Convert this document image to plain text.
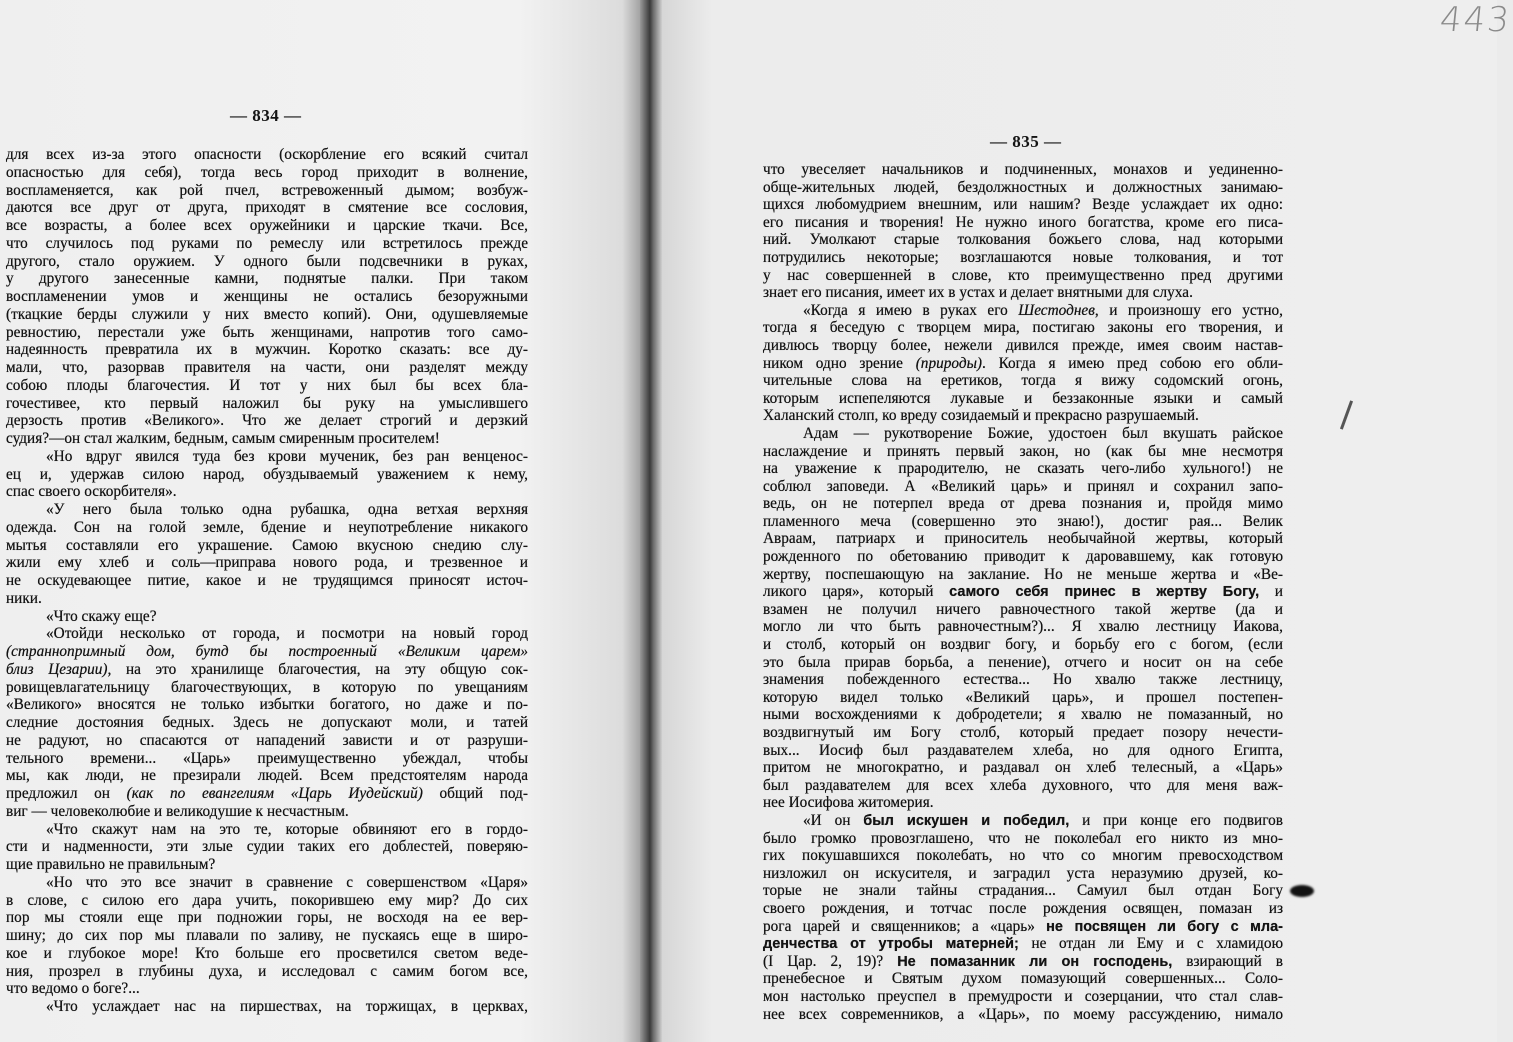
— 834 —
— 835 —
443
для всех из-за этого опасности (оскорбление его всякий считал
опасностью для себя), тогда весь город приходит в волнение,
воспламеняется, как рой пчел, встревоженный дымом; возбуж-
даются все друг от друга, приходят в смятение все сословия,
все возрасты, а более всех оружейники и царские ткачи. Все,
что случилось под руками по ремеслу или встретилось прежде
другого, стало оружием. У одного были подсвечники в руках,
у другого занесенные камни, поднятые палки. При таком
воспламенении умов и женщины не остались безоружными
(ткацкие берды служили у них вместо копий). Они, одушевляемые
ревностию, перестали уже быть женщинами, напротив того само-
надеянность превратила их в мужчин. Коротко сказать: все ду-
мали, что, разорвав правителя на части, они разделят между
собою плоды благочестия. И тот у них был бы всех бла-
гочестивее, кто первый наложил бы руку на умыслившего
дерзость против «Великого». Что же делает строгий и дерзкий
судия?—он стал жалким, бедным, самым смиренным просителем!
«Но вдруг явился туда без крови мученик, без ран венценос-
ец и, удержав силою народ, обуздываемый уважением к нему,
спас своего оскорбителя».
«У него была только одна рубашка, одна ветхая верхняя
одежда. Сон на голой земле, бдение и неупотребление никакого
мытья составляли его украшение. Самою вкусною снедию слу-
жили ему хлеб и соль—приправа нового рода, и трезвенное и
не оскудевающее питие, какое и не трудящимся приносят источ-
ники.
«Что скажу еще?
«Отойди несколько от города, и посмотри на новый город
(страннопримный дом, бутд бы построенный «Великим царем»
близ Цезарии), на это хранилище благочестия, на эту общую сок-
ровищевлагательницу благочествующих, в которую по увещаниям
«Великого» вносятся не только избытки богатого, но даже и по-
следние достояния бедных. Здесь не допускают моли, и татей
не радуют, но спасаются от нападений зависти и от разруши-
тельного времени... «Царь» преимущественно убеждал, чтобы
мы, как люди, не презирали людей. Всем предстоятелям народа
предложил он (как по евангелиям «Царь Иудейский) общий под-
виг — человеколюбие и великодушие к несчастным.
«Что скажут нам на это те, которые обвиняют его в гордо-
сти и надменности, эти злые судии таких его доблестей, поверяю-
щие правильно не правильным?
«Но что это все значит в сравнение с совершенством «Царя»
в слове, с силою его дара учить, покорившею ему мир? До сих
пор мы стояли еще при подножии горы, не восходя на ее вер-
шину; до сих пор мы плавали по заливу, не пускаясь еще в широ-
кое и глубокое море! Кто больше его просветился светом веде-
ния, прозрел в глубины духа, и исследовал с самим богом все,
что ведомо о боге?...
«Что услаждает нас на пиршествах, на торжищах, в церквах,
что увеселяет начальников и подчиненных, монахов и уединенно-
обще-жительных людей, бездолжностных и должностных занимаю-
щихся любомудрием внешним, или нашим? Везде услаждает их одно:
его писания и творения! Не нужно иного богатства, кроме его писа-
ний. Умолкают старые толкования божьего слова, над которыми
потрудились некоторые; возглашаются новые толкования, и тот
у нас совершенней в слове, кто преимущественно пред другими
знает его писания, имеет их в устах и делает внятными для слуха.
«Когда я имею в руках его Шестоднев, и произношу его устно,
тогда я беседую с творцем мира, постигаю законы его творения, и
дивлюсь творцу более, нежели дивился прежде, имея своим настав-
ником одно зрение (природы). Когда я имею пред собою его обли-
чительные слова на еретиков, тогда я вижу содомский огонь,
которым испепеляются лукавые и беззаконные языки и самый
Халанский столп, ко вреду созидаемый и прекрасно разрушаемый.
Адам — рукотворение Божие, удостоен был вкушать райское
наслаждение и принять первый закон, но (как бы мне несмотря
на уважение к прародителю, не сказать чего-либо хульного!) не
соблюл заповеди. А «Великий царь» и принял и сохранил запо-
ведь, он не потерпел вреда от древа познания и, пройдя мимо
пламенного меча (совершенно это знаю!), достиг рая... Велик
Авраам, патриарх и приноситель необычайной жертвы, который
рожденного по обетованию приводит к даровавшему, как готовую
жертву, поспешающую на заклание. Но не меньше жертва и «Ве-
ликого царя», который самого себя принес в жертву Богу, и
взамен не получил ничего равночестного такой жертве (да и
могло ли что быть равночестным?)... Я хвалю лестницу Иакова,
и столб, который он воздвиг богу, и борьбу его с богом, (если
это была прирав борьба, а пенение), отчего и носит он на себе
знамения побежденного естества... Но хвалю также лестницу,
которую видел только «Великий царь», и прошел постепен-
ными восхождениями к добродетели; я хвалю не помазанный, но
воздвигнутый им Богу столб, который предает позору нечести-
вых... Иосиф был раздавателем хлеба, но для одного Египта,
притом не многократно, и раздавал он хлеб телесный, а «Царь»
был раздавателем для всех хлеба духовного, что для меня важ-
нее Иосифова житомерия.
«И он был искушен и победил, и при конце его подвигов
было громко провозглашено, что не поколебал его никто из мно-
гих покушавшихся поколебать, но что со многим превосходством
низложил он искусителя, и заградил уста неразумию друзей, ко-
торые не знали тайны страдания... Самуил был отдан Богу
своего рождения, и тотчас после рождения освящен, помазан из
рога царей и священников; а «царь» не посвящен ли богу с мла-
денчества от утробы матерней; не отдан ли Ему и с хламидою
(I Цар. 2, 19)? Не помазанник ли он господень, взирающий в
пренебесное и Святым духом помазующий совершенных... Соло-
мон настолько преуспел в премудрости и созерцании, что стал слав-
нее всех современников, а «Царь», по моему рассуждению, нимало
